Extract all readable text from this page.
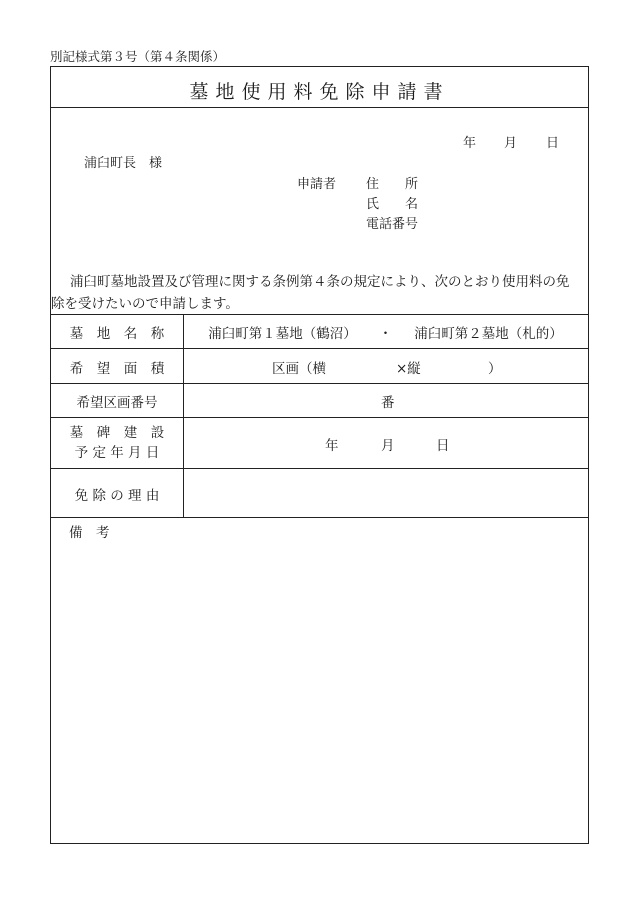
別記様式第３号（第４条関係）
墓地使用料免除申請書
年 月 日
浦臼町長　様
申請者 住　　所
氏　　名
電話番号
浦臼町墓地設置及び管理に関する条例第４条の規定により、次のとおり使用料の免
除を受けたいので申請します。
墓　地　名　称	浦臼町第１墓地（鶴沼） ・ 浦臼町第２墓地（札的）
希　望　面　積	区画（横	×縦	）
希望区画番号	番
墓　碑　建　設
予 定 年 月 日	年	月	日
免 除 の 理 由
備　考
